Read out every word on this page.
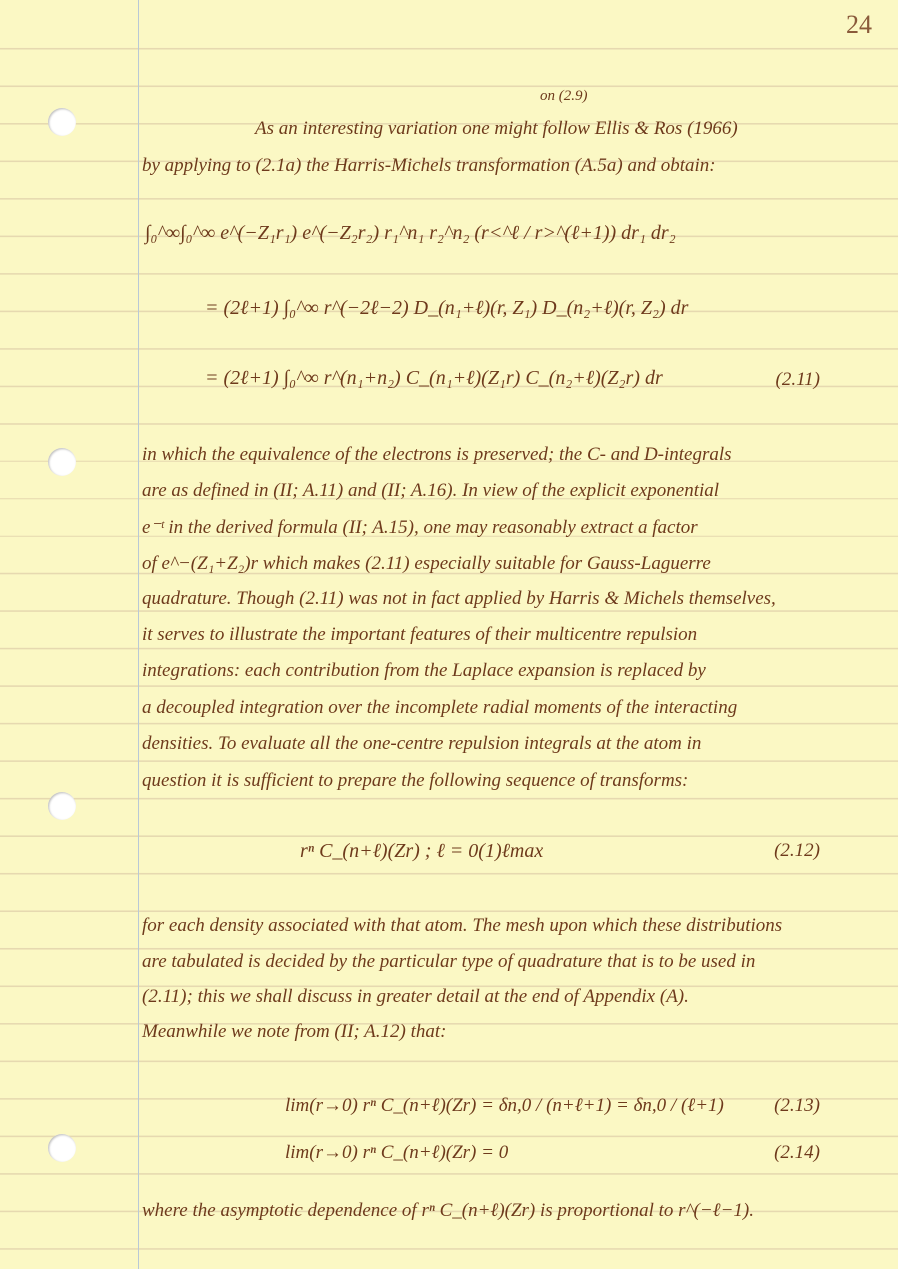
24
on (2.9)
As an interesting variation one might follow Ellis & Ros (1966)
by applying to (2.1a) the Harris-Michels transformation (A.5a) and obtain:
∫₀^∞∫₀^∞ e^(−Z₁r₁) e^(−Z₂r₂) r₁^n₁ r₂^n₂ (r<^ℓ / r>^(ℓ+1)) dr₁ dr₂
= (2ℓ+1) ∫₀^∞ r^(−2ℓ−2) D_(n₁+ℓ)(r, Z₁) D_(n₂+ℓ)(r, Z₂) dr
= (2ℓ+1) ∫₀^∞ r^(n₁+n₂) C_(n₁+ℓ)(Z₁r) C_(n₂+ℓ)(Z₂r) dr	(2.11)
in which the equivalence of the electrons is preserved; the C- and D-integrals
are as defined in (II; A.11) and (II; A.16). In view of the explicit exponential
e⁻ᵗ in the derived formula (II; A.15), one may reasonably extract a factor
of e^−(Z₁+Z₂)r which makes (2.11) especially suitable for Gauss-Laguerre
quadrature. Though (2.11) was not in fact applied by Harris & Michels themselves,
it serves to illustrate the important features of their multicentre repulsion
integrations: each contribution from the Laplace expansion is replaced by
a decoupled integration over the incomplete radial moments of the interacting
densities. To evaluate all the one-centre repulsion integrals at the atom in
question it is sufficient to prepare the following sequence of transforms:
rⁿ C_(n+ℓ)(Zr) ; ℓ = 0(1)ℓmax	(2.12)
for each density associated with that atom. The mesh upon which these distributions
are tabulated is decided by the particular type of quadrature that is to be used in
(2.11); this we shall discuss in greater detail at the end of Appendix (A).
Meanwhile we note from (II; A.12) that:
lim(r→0) rⁿ C_(n+ℓ)(Zr) = δn,0 / (n+ℓ+1) = δn,0 / (ℓ+1)	(2.13)
lim(r→0) rⁿ C_(n+ℓ)(Zr) = 0	(2.14)
where the asymptotic dependence of rⁿ C_(n+ℓ)(Zr) is proportional to r^(−ℓ−1).
